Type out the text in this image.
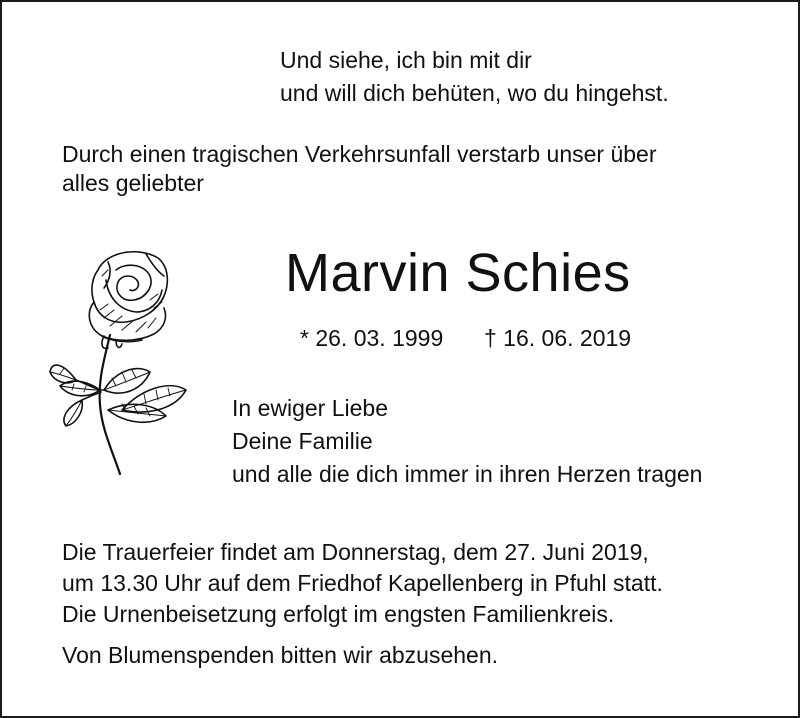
Und siehe, ich bin mit dir
und will dich behüten, wo du hingehst.
Durch einen tragischen Verkehrsunfall verstarb unser über
alles geliebter
Marvin Schies
* 26. 03. 1999 † 16. 06. 2019
In ewiger Liebe
Deine Familie
und alle die dich immer in ihren Herzen tragen
Die Trauerfeier findet am Donnerstag, dem 27. Juni 2019,
um 13.30 Uhr auf dem Friedhof Kapellenberg in Pfuhl statt.
Die Urnenbeisetzung erfolgt im engsten Familienkreis.
Von Blumenspenden bitten wir abzusehen.
